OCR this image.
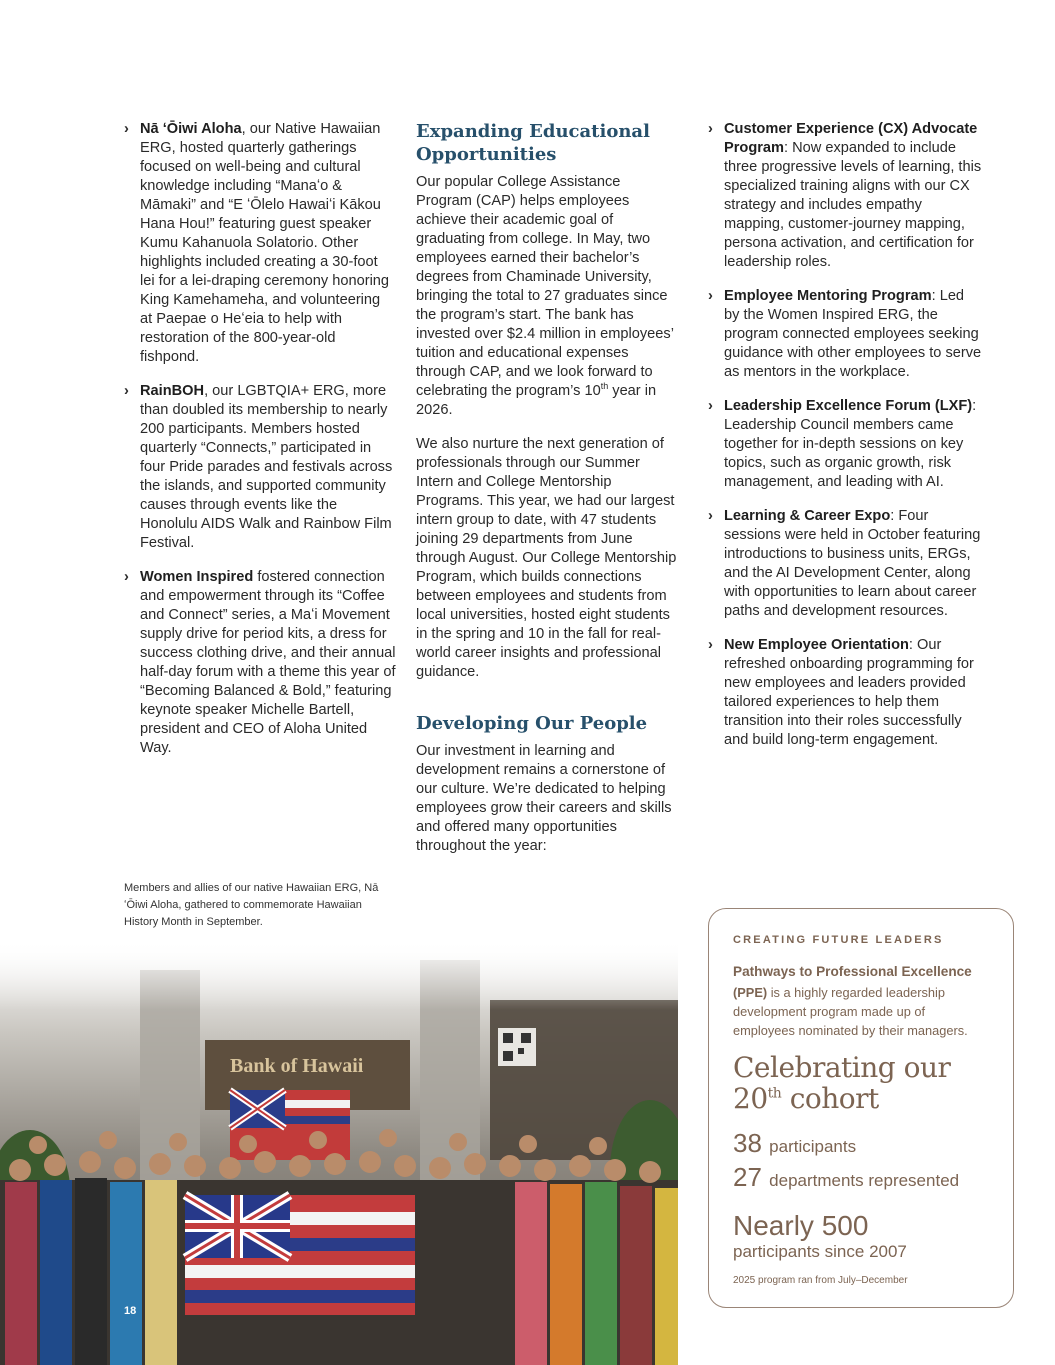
› Nā ʻŌiwi Aloha, our Native Hawaiian ERG, hosted quarterly gatherings focused on well-being and cultural knowledge including “Manaʻo & Māmaki” and “E ʻŌlelo Hawaiʻi Kākou Hana Hou!” featuring guest speaker Kumu Kahanuola Solatorio. Other highlights included creating a 30-foot lei for a lei-draping ceremony honoring King Kamehameha, and volunteering at Paepae o Heʻeia to help with restoration of the 800-year-old fishpond.
› RainBOH, our LGBTQIA+ ERG, more than doubled its membership to nearly 200 participants. Members hosted quarterly “Connects,” participated in four Pride parades and festivals across the islands, and supported community causes through events like the Honolulu AIDS Walk and Rainbow Film Festival.
› Women Inspired fostered connection and empowerment through its “Coffee and Connect” series, a Maʻi Movement supply drive for period kits, a dress for success clothing drive, and their annual half-day forum with a theme this year of “Becoming Balanced & Bold,” featuring keynote speaker Michelle Bartell, president and CEO of Aloha United Way.
Members and allies of our native Hawaiian ERG, Nā ʻŌiwi Aloha, gathered to commemorate Hawaiian History Month in September.
Expanding Educational Opportunities

Our popular College Assistance Program (CAP) helps employees achieve their academic goal of graduating from college. In May, two employees earned their bachelor’s degrees from Chaminade University, bringing the total to 27 graduates since the program’s start. The bank has invested over $2.4 million in employees’ tuition and educational expenses through CAP, and we look forward to celebrating the program’s 10th year in 2026.

We also nurture the next generation of professionals through our Summer Intern and College Mentorship Programs. This year, we had our largest intern group to date, with 47 students joining 29 departments from June through August. Our College Mentorship Program, which builds connections between employees and students from local universities, hosted eight students in the spring and 10 in the fall for real-world career insights and professional guidance.

Developing Our People

Our investment in learning and development remains a cornerstone of our culture. We’re dedicated to helping employees grow their careers and skills and offered many opportunities throughout the year:

› Customer Experience (CX) Advocate Program: Now expanded to include three progressive levels of learning, this specialized training aligns with our CX strategy and includes empathy mapping, customer-journey mapping, persona activation, and certification for leadership roles.
› Employee Mentoring Program: Led by the Women Inspired ERG, the program connected employees seeking guidance with other employees to serve as mentors in the workplace.
› Leadership Excellence Forum (LXF): Leadership Council members came together for in-depth sessions on key topics, such as organic growth, risk management, and leading with AI.
› Learning & Career Expo: Four sessions were held in October featuring introductions to business units, ERGs, and the AI Development Center, along with opportunities to learn about career paths and development resources.
› New Employee Orientation: Our refreshed onboarding programming for new employees and leaders provided tailored experiences to help them transition into their roles successfully and build long-term engagement.
Bank of Hawaii
18
CREATING FUTURE LEADERS
Pathways to Professional Excellence
(PPE) is a highly regarded leadership development program made up of employees nominated by their managers.
Celebrating our
20th cohort
38 participants
27 departments represented
Nearly 500
participants since 2007
2025 program ran from July–December
